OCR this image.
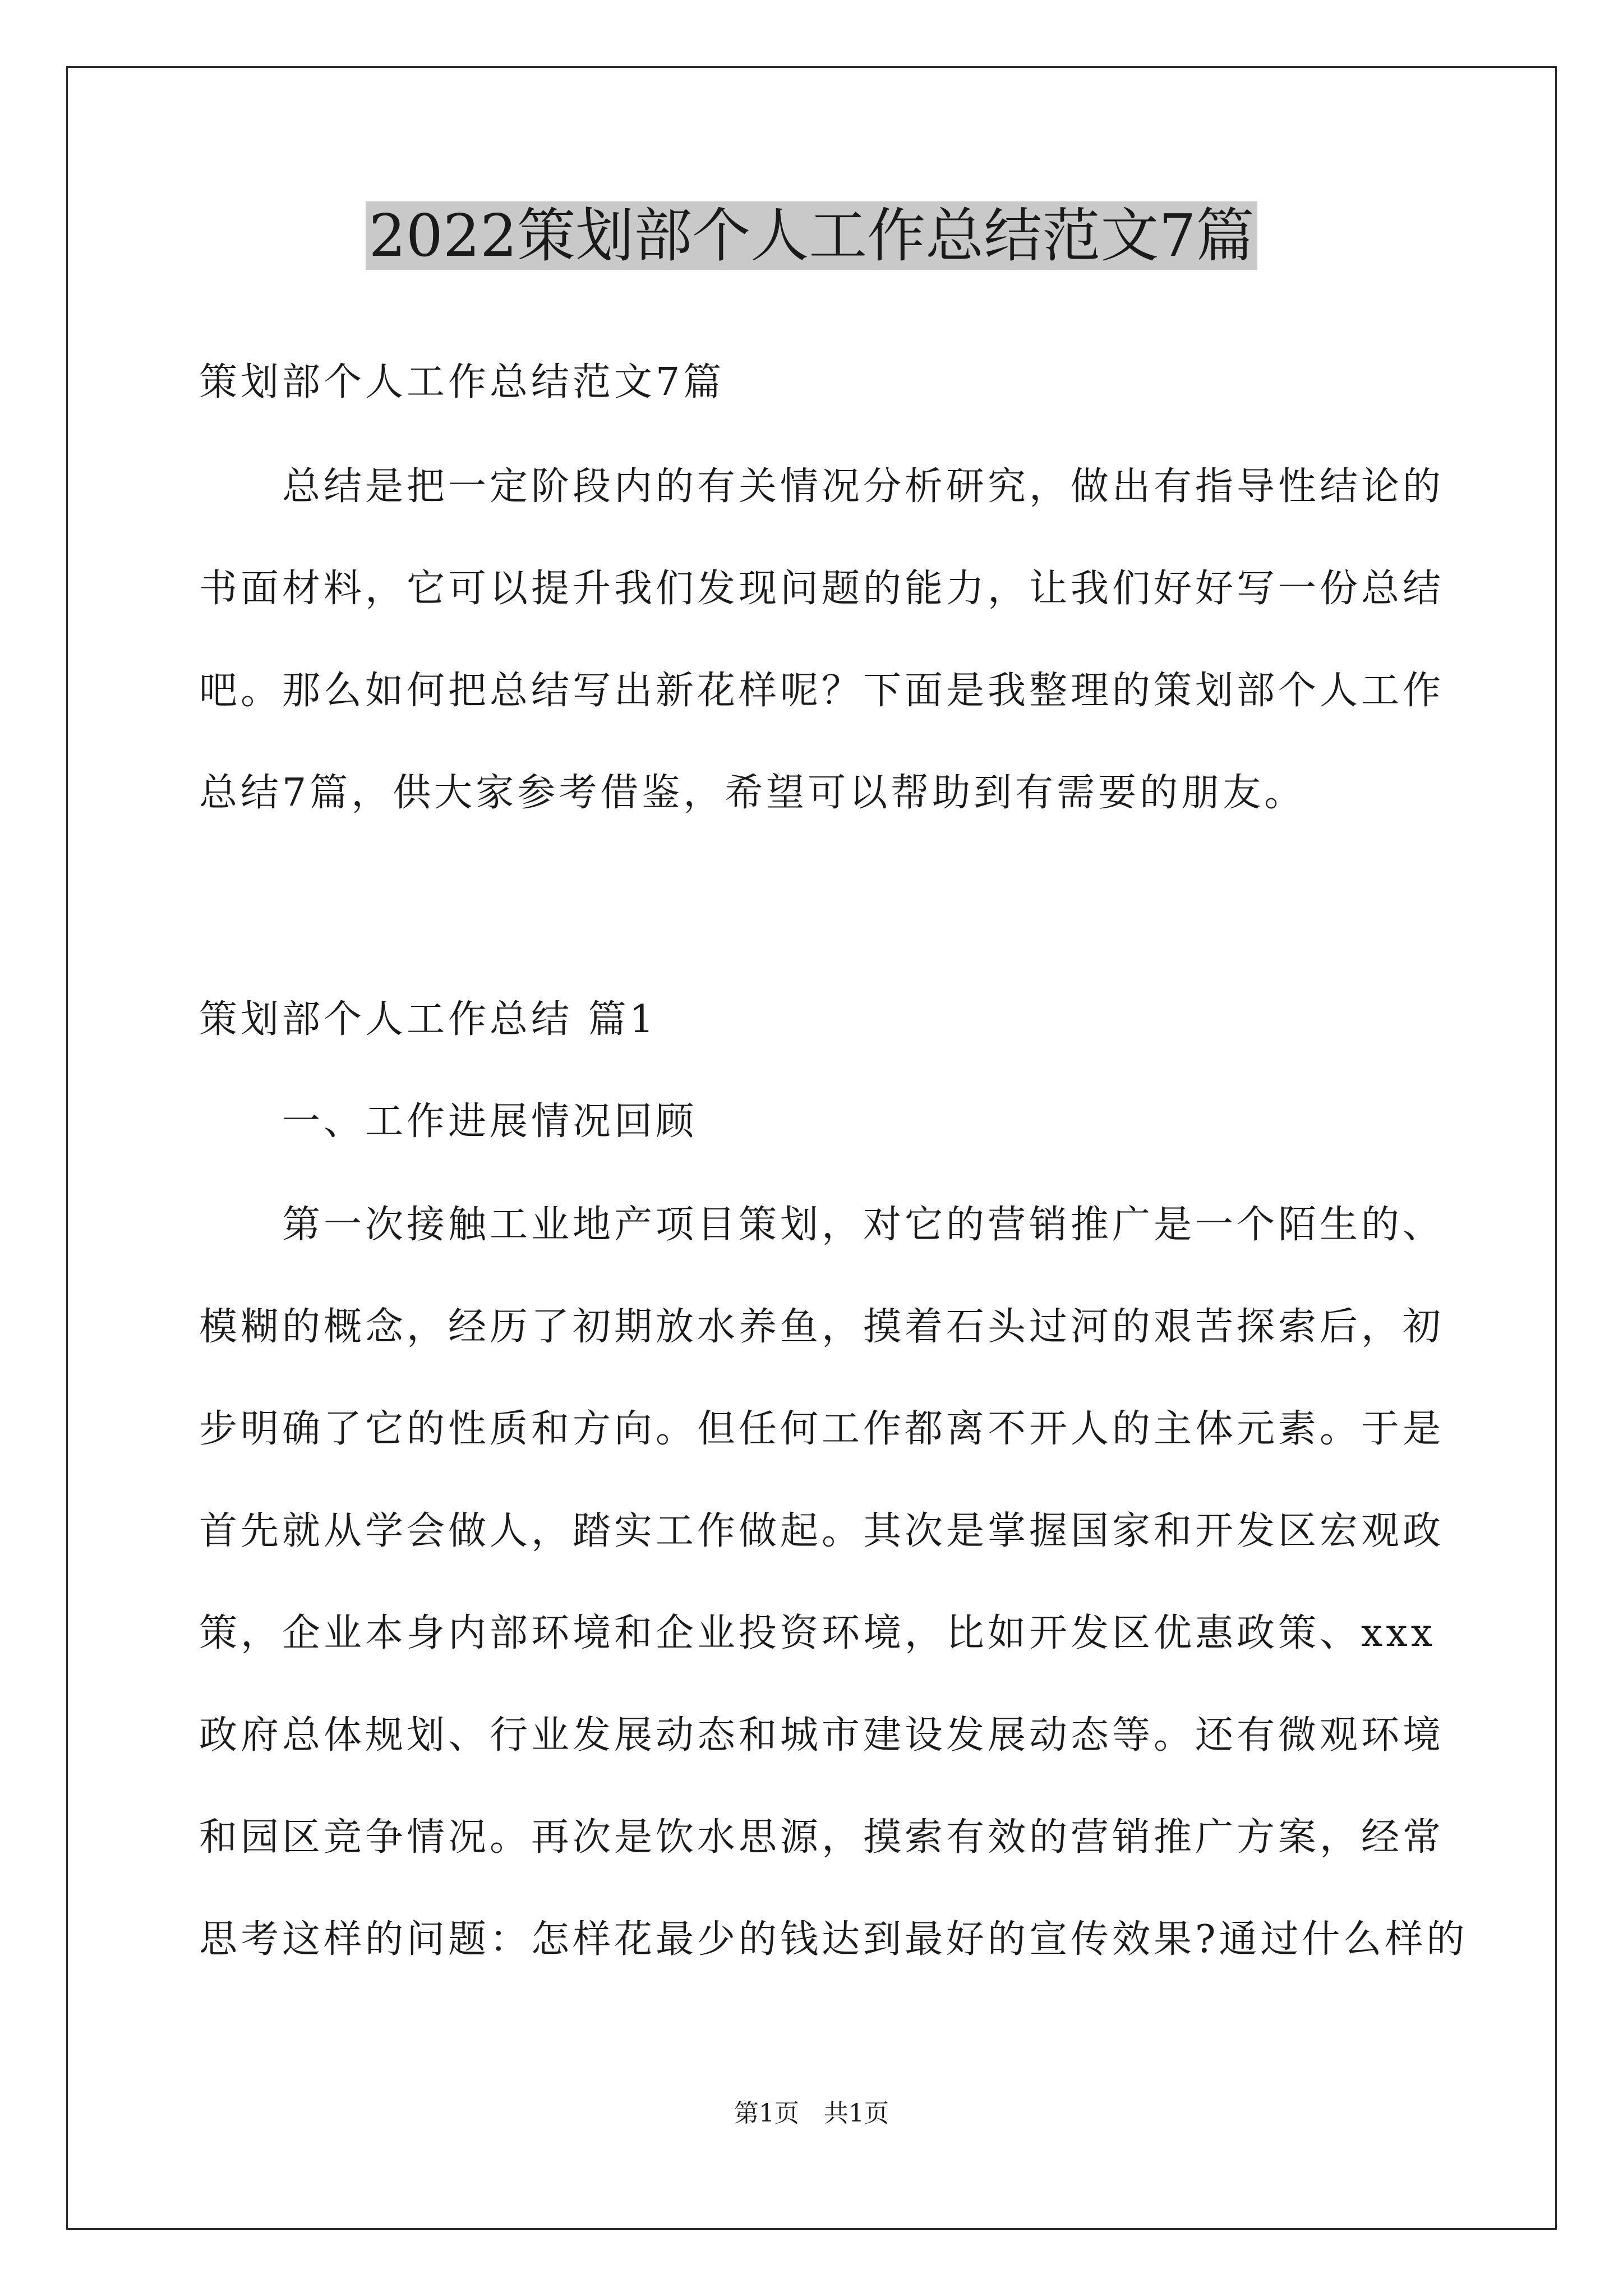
2022策划部个人工作总结范文7篇
策划部个人工作总结范文7篇
　　总结是把一定阶段内的有关情况分析研究，做出有指导性结论的
书面材料，它可以提升我们发现问题的能力，让我们好好写一份总结
吧。那么如何把总结写出新花样呢？下面是我整理的策划部个人工作
总结7篇，供大家参考借鉴，希望可以帮助到有需要的朋友。
策划部个人工作总结 篇1
　　一、工作进展情况回顾
　　第一次接触工业地产项目策划，对它的营销推广是一个陌生的、
模糊的概念，经历了初期放水养鱼，摸着石头过河的艰苦探索后，初
步明确了它的性质和方向。但任何工作都离不开人的主体元素。于是
首先就从学会做人，踏实工作做起。其次是掌握国家和开发区宏观政
策，企业本身内部环境和企业投资环境，比如开发区优惠政策、xxx
政府总体规划、行业发展动态和城市建设发展动态等。还有微观环境
和园区竞争情况。再次是饮水思源，摸索有效的营销推广方案，经常
思考这样的问题：怎样花最少的钱达到最好的宣传效果?通过什么样的
第1页　共1页
